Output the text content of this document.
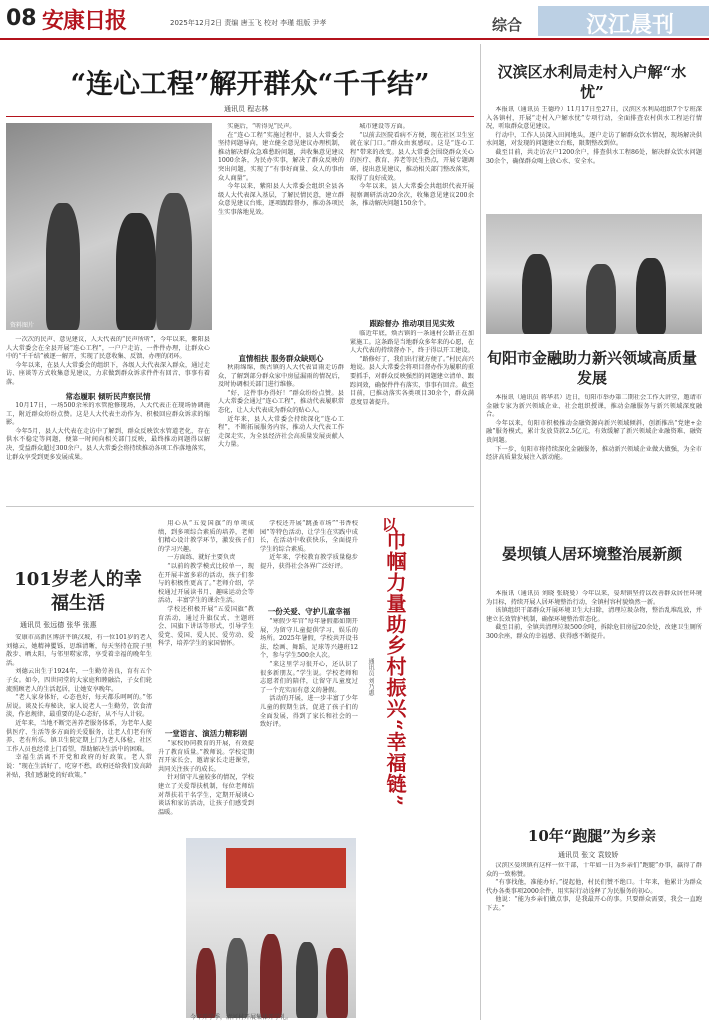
08 安康日报	2025年12月2日 责编 唐玉飞 校对 李瑾 组版 尹孝	综合	汉江晨刊
“连心工程”解开群众“千千结”
通讯员 程志林
资料图片

一次次的民声、意见建议，人大代表的“民声所听”，今年以来，紫阳县人大常委会在全县开展“连心工程”，一户户走访、一件件办理，让群众心中的“千千结”被逐一解开，实现了民意收集、反馈、办理的闭环。

今年以来，在县人大常委会的组织下，各级人大代表深入群众，通过走访、座谈等方式收集意见建议，力求做到群众诉求件件有回音、事事有着落。

常态履职 倾听民声察民情

10月17日，一场500余米的水管抢修现场，人大代表正在现场协调施工，附近群众纷纷点赞。这是人大代表主动作为、积极回应群众诉求的缩影。

今年5月，县人大代表在走访中了解到，群众反映饮水管道老化，存在供水不稳定等问题，便第一时间向相关部门反映，最终推动问题得以解决，受益群众超过300余户。县人大常委会将持续推动各项工作落地落实，让群众享受到更多发展成果。

实施后，“听得见”民声。

在“连心工程”实施过程中，县人大常委会坚持问题导向，建立健全意见建议办理机制，推动解决群众急难愁盼问题，共收集意见建议1000余条，为民办实事，解决了群众反映的突出问题，实现了“有事好商量、众人的事由众人商量”。

今年以来，紫阳县人大常委会组织全县各级人大代表深入基层，了解民情民意，建立群众意见建议台账，逐项跟踪督办，推动各项民生实事落地见效。

直情相扶 服务群众缺则心

秋雨绵绵，焕古镇的人大代表冒雨走访群众，了解到部分群众家中房屋漏雨的情况后，及时协调相关部门进行维修。

“好，这件事办得好！”群众纷纷点赞。县人大常委会通过“连心工程”，推动代表履职常态化，让人大代表成为群众的贴心人。

近年来，县人大常委会持续深化“连心工程”，不断拓展服务内容，推动人大代表工作走深走实，为全县经济社会高质量发展贡献人大力量。

城市建设等方面。

“以前去医院看病不方便，现在社区卫生室就在家门口。”群众由衷感叹。这是“连心工程”带来的改变。县人大常委会围绕群众关心的医疗、教育、养老等民生热点，开展专题调研，提出意见建议，推动相关部门整改落实，取得了良好成效。

今年以来，县人大常委会共组织代表开展视察调研活动20余次，收集意见建议200余条，推动解决问题150余个。

跟踪督办 推动项目见实效

临近年底，焕古镇的一条通村公路正在加紧施工。这条路是当地群众多年来的心愿，在人大代表的持续督办下，终于得以开工建设。

“路修好了，我们出行就方便了。”村民高兴地说。县人大常委会将项目督办作为履职的重要抓手，对群众反映强烈的问题建立清单、跟踪问效，确保件件有落实、事事有回音。截至目前，已推动落实各类项目30余个，群众满意度显著提升。

101岁老人的幸福生活
通讯员 张远德 张华 张惠

安康市高新区博济平镇汉坡，有一位101岁的老人刘德云，她精神矍铄，思维清晰，每天坚持在院子里散步、晒太阳，与邻里唠家常，享受着幸福的晚年生活。

刘德云出生于1924年，一生勤劳善良，育有五个子女。如今，四世同堂的大家庭和睦融洽，子女们轮流照顾老人的生活起居，让她安享晚年。

“老人家身体好，心态也好，每天都乐呵呵的。”邻居说。谈及长寿秘诀，家人说老人一生勤劳，饮食清淡，作息规律，最重要的是心态好，从不与人计较。

近年来，当地不断完善养老服务体系，为老年人提供医疗、生活等多方面的关爱服务，让老人们老有所养、老有所乐。镇卫生院定期上门为老人体检，社区工作人员也经常上门看望，帮助解决生活中的困难。

幸福生活离不开党和政府的好政策。老人常说：“现在生活好了，吃穿不愁，政府还给我们发高龄补贴，我们感谢党的好政策。”

用心从“五爱国旗”的单项成绩，到多项综合素质的培养，老师们精心设计教学环节，激发孩子们的学习兴趣。

一方面练、就好主要负责

“以前的教学模式比较单一，现在开展丰富多彩的活动，孩子们参与的积极性更高了。”老师介绍，学校通过开展读书月、趣味运动会等活动，丰富学生的课余生活。

学校还积极开展“五爱国旗”教育活动，通过升旗仪式、主题班会、国旗下讲话等形式，引导学生爱党、爱国、爱人民、爱劳动、爱科学，培养学生的家国情怀。

一堂语言、演活力精彩剧

“家校协同教育的开展，有效提升了教育质量。”教师说。学校定期召开家长会，邀请家长走进课堂，共同关注孩子的成长。

针对留守儿童较多的情况，学校建立了关爱帮扶机制，每位老师结对帮扶若干名学生，定期开展谈心谈话和家访活动，让孩子们感受到温暖。

学校还开展“跳蚤市场”“书香校园”等特色活动，让学生在实践中成长，在活动中收获快乐，全面提升学生的综合素质。

近年来，学校教育教学质量稳步提升，获得社会各界广泛好评。

一份关爱、守护儿童幸福

“寒假少年宫”每年暑假都如期开展，为留守儿童提供学习、娱乐的场所。2025年暑假，学校共开设书法、绘画、舞蹈、足球等兴趣班12个，参与学生500余人次。

“来这里学习很开心，还认识了很多新朋友。”学生说。学校老师和志愿者们的陪伴，让留守儿童度过了一个充实而有意义的暑假。

活动的开展，进一步丰富了少年儿童的假期生活，促进了孩子们的全面发展，得到了家长和社会的一致好评。

今年开学季，清河村开展集体开学礼。
以
巾帼力量助乡村振兴“幸福链”
通讯员 刘乃惠
汉滨区水利局走村入户解“水忧”

本报讯（通讯员 王德玲）11月17日至27日，汉滨区水利局组织7个专班深入各镇村，开展“走村入户解水忧”专项行动，全面排查农村供水工程运行情况，听取群众意见建议。

行动中，工作人员深入田间地头，逐户走访了解群众饮水情况，现场解决供水问题，对发现的问题建立台账，限期整改到位。

截至目前，共走访农户1200余户，排查供水工程86处，解决群众饮水问题30余个，确保群众喝上放心水、安全水。

旬阳市金融助力新兴领域高质量发展

本报讯（通讯员 蒋华君）近日，旬阳市举办第二期社会工作大讲堂，邀请市金融专家为新兴领域企业、社会组织授课，推动金融服务与新兴领域深度融合。

今年以来，旬阳市积极推动金融资源向新兴领域倾斜，创新推出“党建+金融”服务模式，累计发放贷款2.5亿元，有效缓解了新兴领域企业融资难、融资贵问题。

下一步，旬阳市将持续深化金融服务，推动新兴领域企业做大做强，为全市经济高质量发展注入新动能。

晏坝镇人居环境整治展新颜

本报讯（通讯员 刘晓 张晓曼）今年以来，晏坝镇坚持以改善群众居住环境为目标，持续开展人居环境整治行动，全镇村容村貌焕然一新。

该镇组织干部群众开展环境卫生大扫除，清理垃圾杂物，整治乱堆乱放，并建立长效管护机制，确保环境整治常态化。

截至目前，全镇共清理垃圾500余吨，拆除危旧房屋20余处，改建卫生厕所300余座，群众的幸福感、获得感不断提升。

10年“跑腿”为乡亲
通讯员 张文 袁姣娇

汉滨区晏坝镇有这样一位干部，十年如一日为乡亲们“跑腿”办事，赢得了群众的一致称赞。

“有事找他，准能办好。”提起他，村民们赞不绝口。十年来，他累计为群众代办各类事项2000余件，用实际行动诠释了为民服务的初心。

他说：“能为乡亲们做点事，是我最开心的事。只要群众需要，我会一直跑下去。”
